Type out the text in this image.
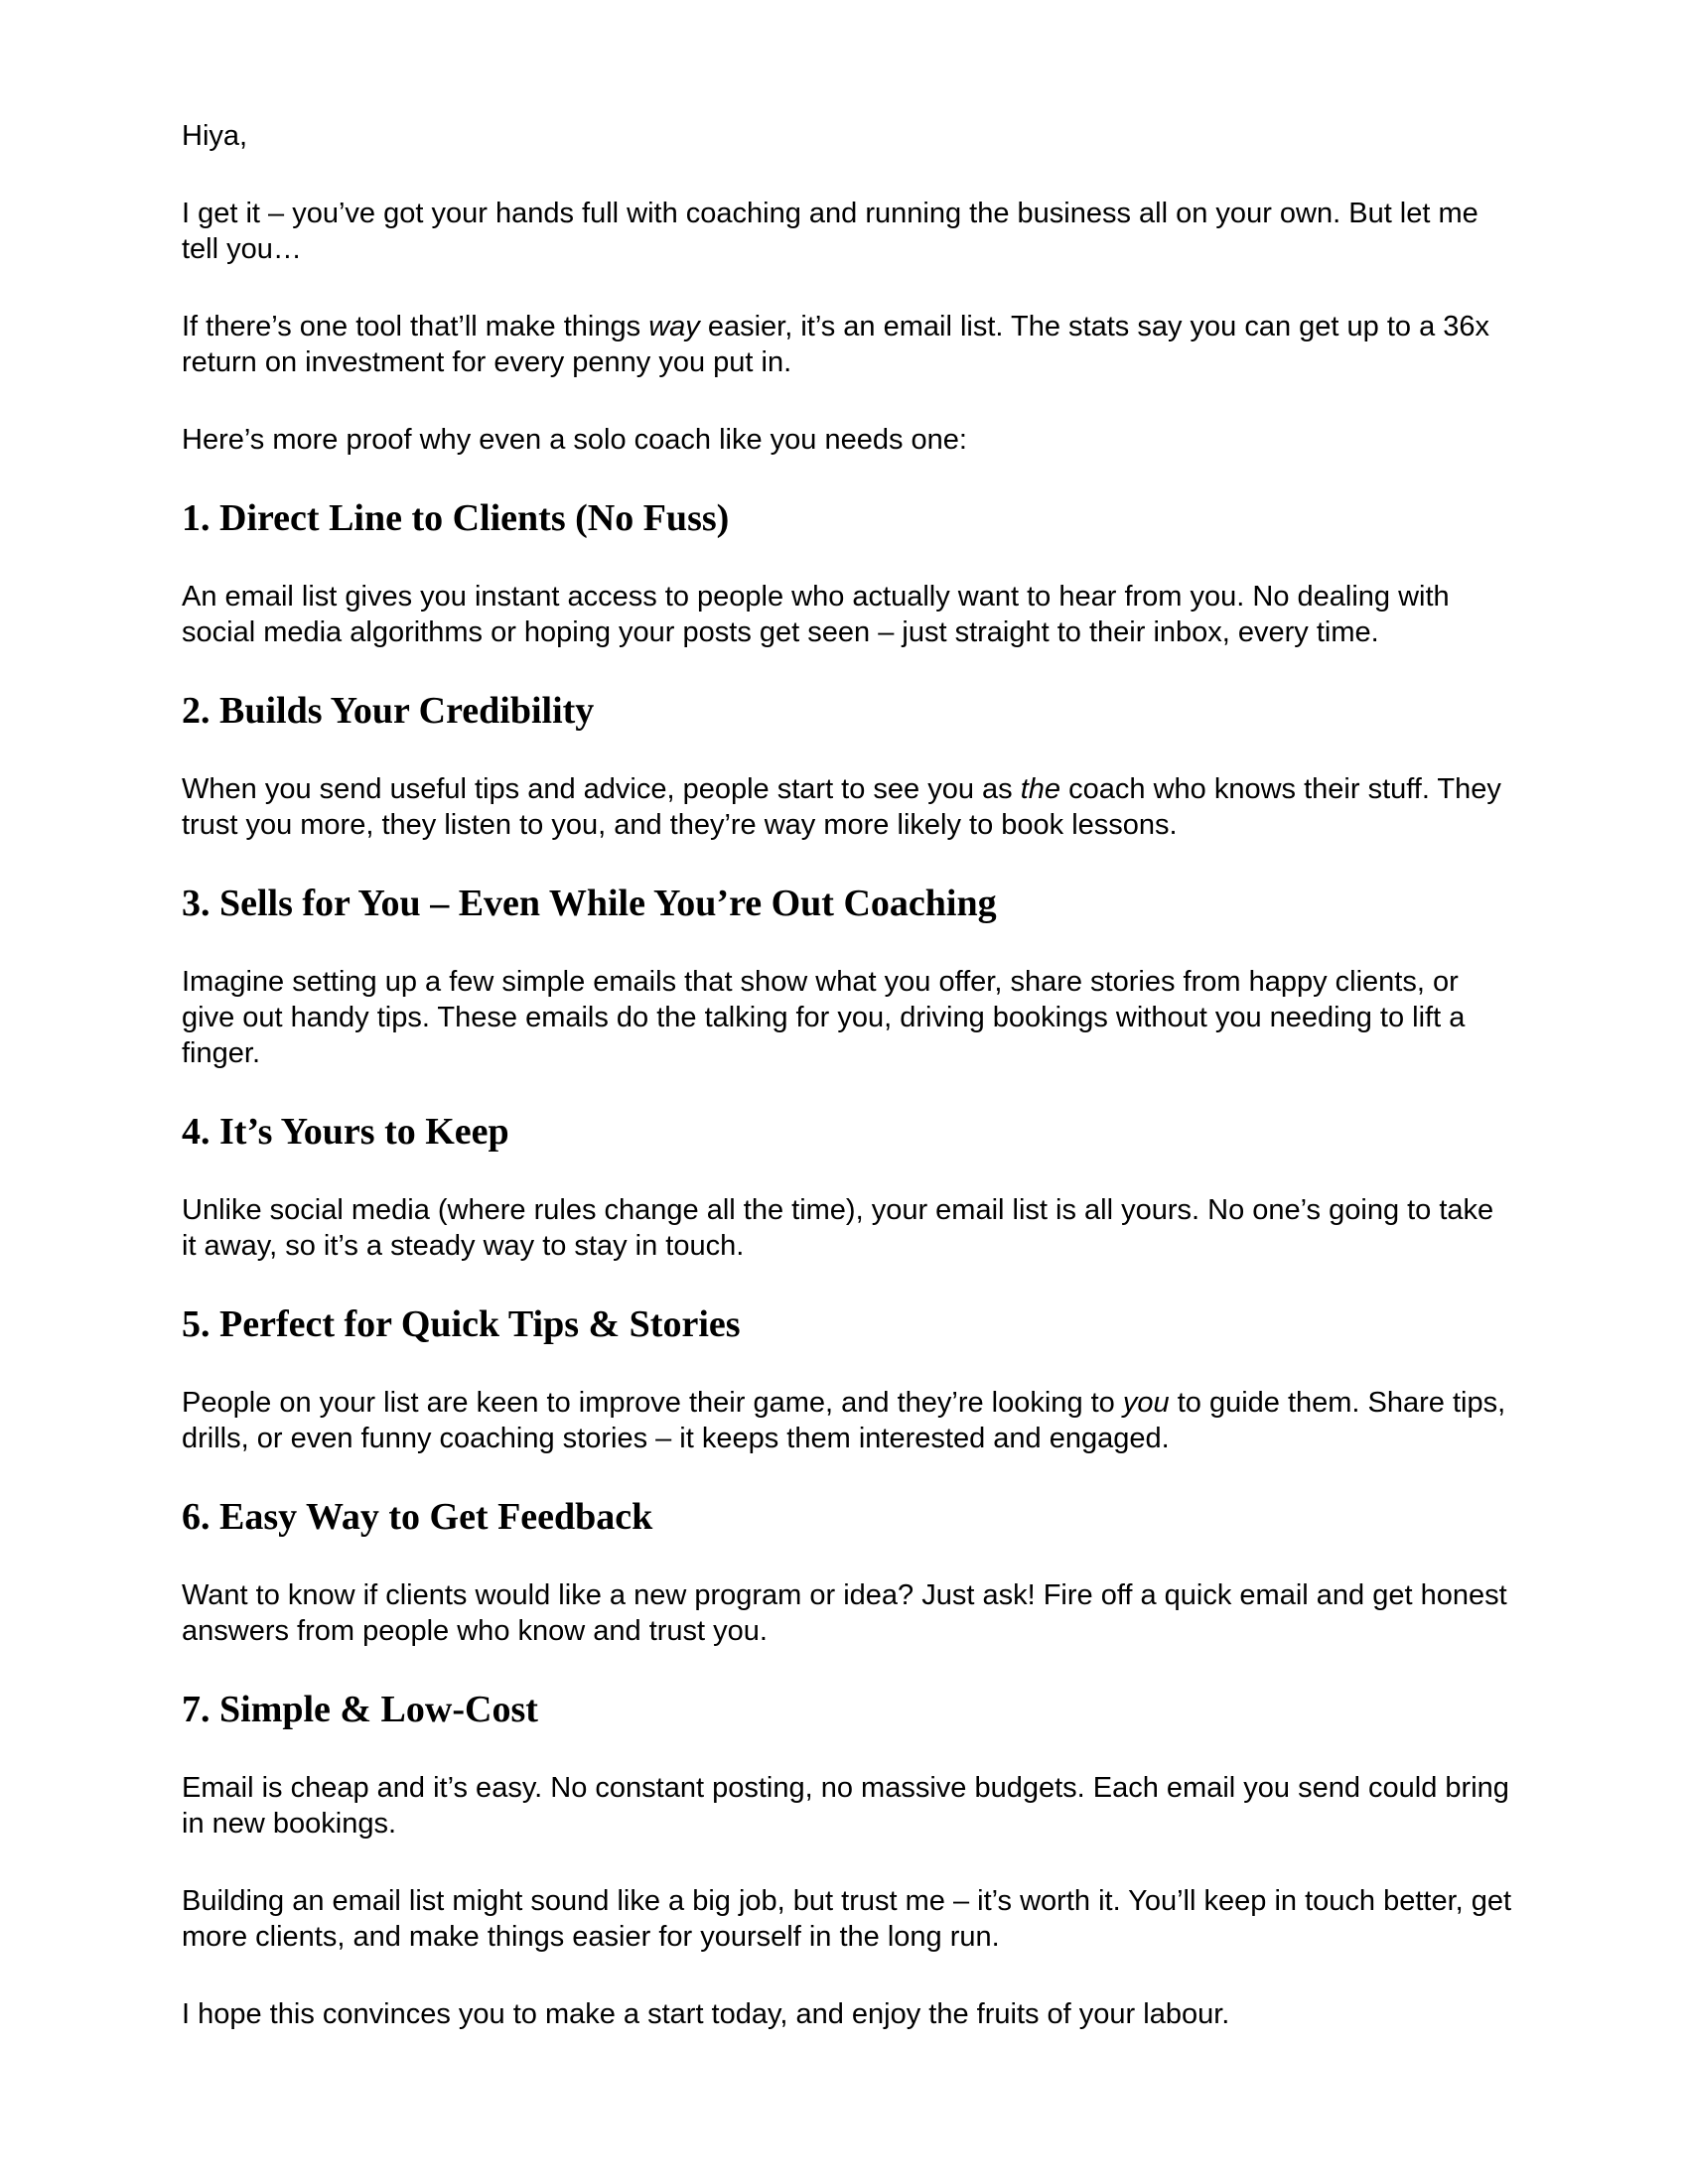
Hiya,

I get it – you’ve got your hands full with coaching and running the business all on your own. But let me tell you…

If there’s one tool that’ll make things way easier, it’s an email list. The stats say you can get up to a 36x return on investment for every penny you put in.

Here’s more proof why even a solo coach like you needs one:

1. Direct Line to Clients (No Fuss)

An email list gives you instant access to people who actually want to hear from you. No dealing with social media algorithms or hoping your posts get seen – just straight to their inbox, every time.

2. Builds Your Credibility

When you send useful tips and advice, people start to see you as the coach who knows their stuff. They trust you more, they listen to you, and they’re way more likely to book lessons.

3. Sells for You – Even While You’re Out Coaching

Imagine setting up a few simple emails that show what you offer, share stories from happy clients, or give out handy tips. These emails do the talking for you, driving bookings without you needing to lift a finger.

4. It’s Yours to Keep

Unlike social media (where rules change all the time), your email list is all yours. No one’s going to take it away, so it’s a steady way to stay in touch.

5. Perfect for Quick Tips & Stories

People on your list are keen to improve their game, and they’re looking to you to guide them. Share tips, drills, or even funny coaching stories – it keeps them interested and engaged.

6. Easy Way to Get Feedback

Want to know if clients would like a new program or idea? Just ask! Fire off a quick email and get honest answers from people who know and trust you.

7. Simple & Low-Cost

Email is cheap and it’s easy. No constant posting, no massive budgets. Each email you send could bring in new bookings.

Building an email list might sound like a big job, but trust me – it’s worth it. You’ll keep in touch better, get more clients, and make things easier for yourself in the long run.

I hope this convinces you to make a start today, and enjoy the fruits of your labour.
